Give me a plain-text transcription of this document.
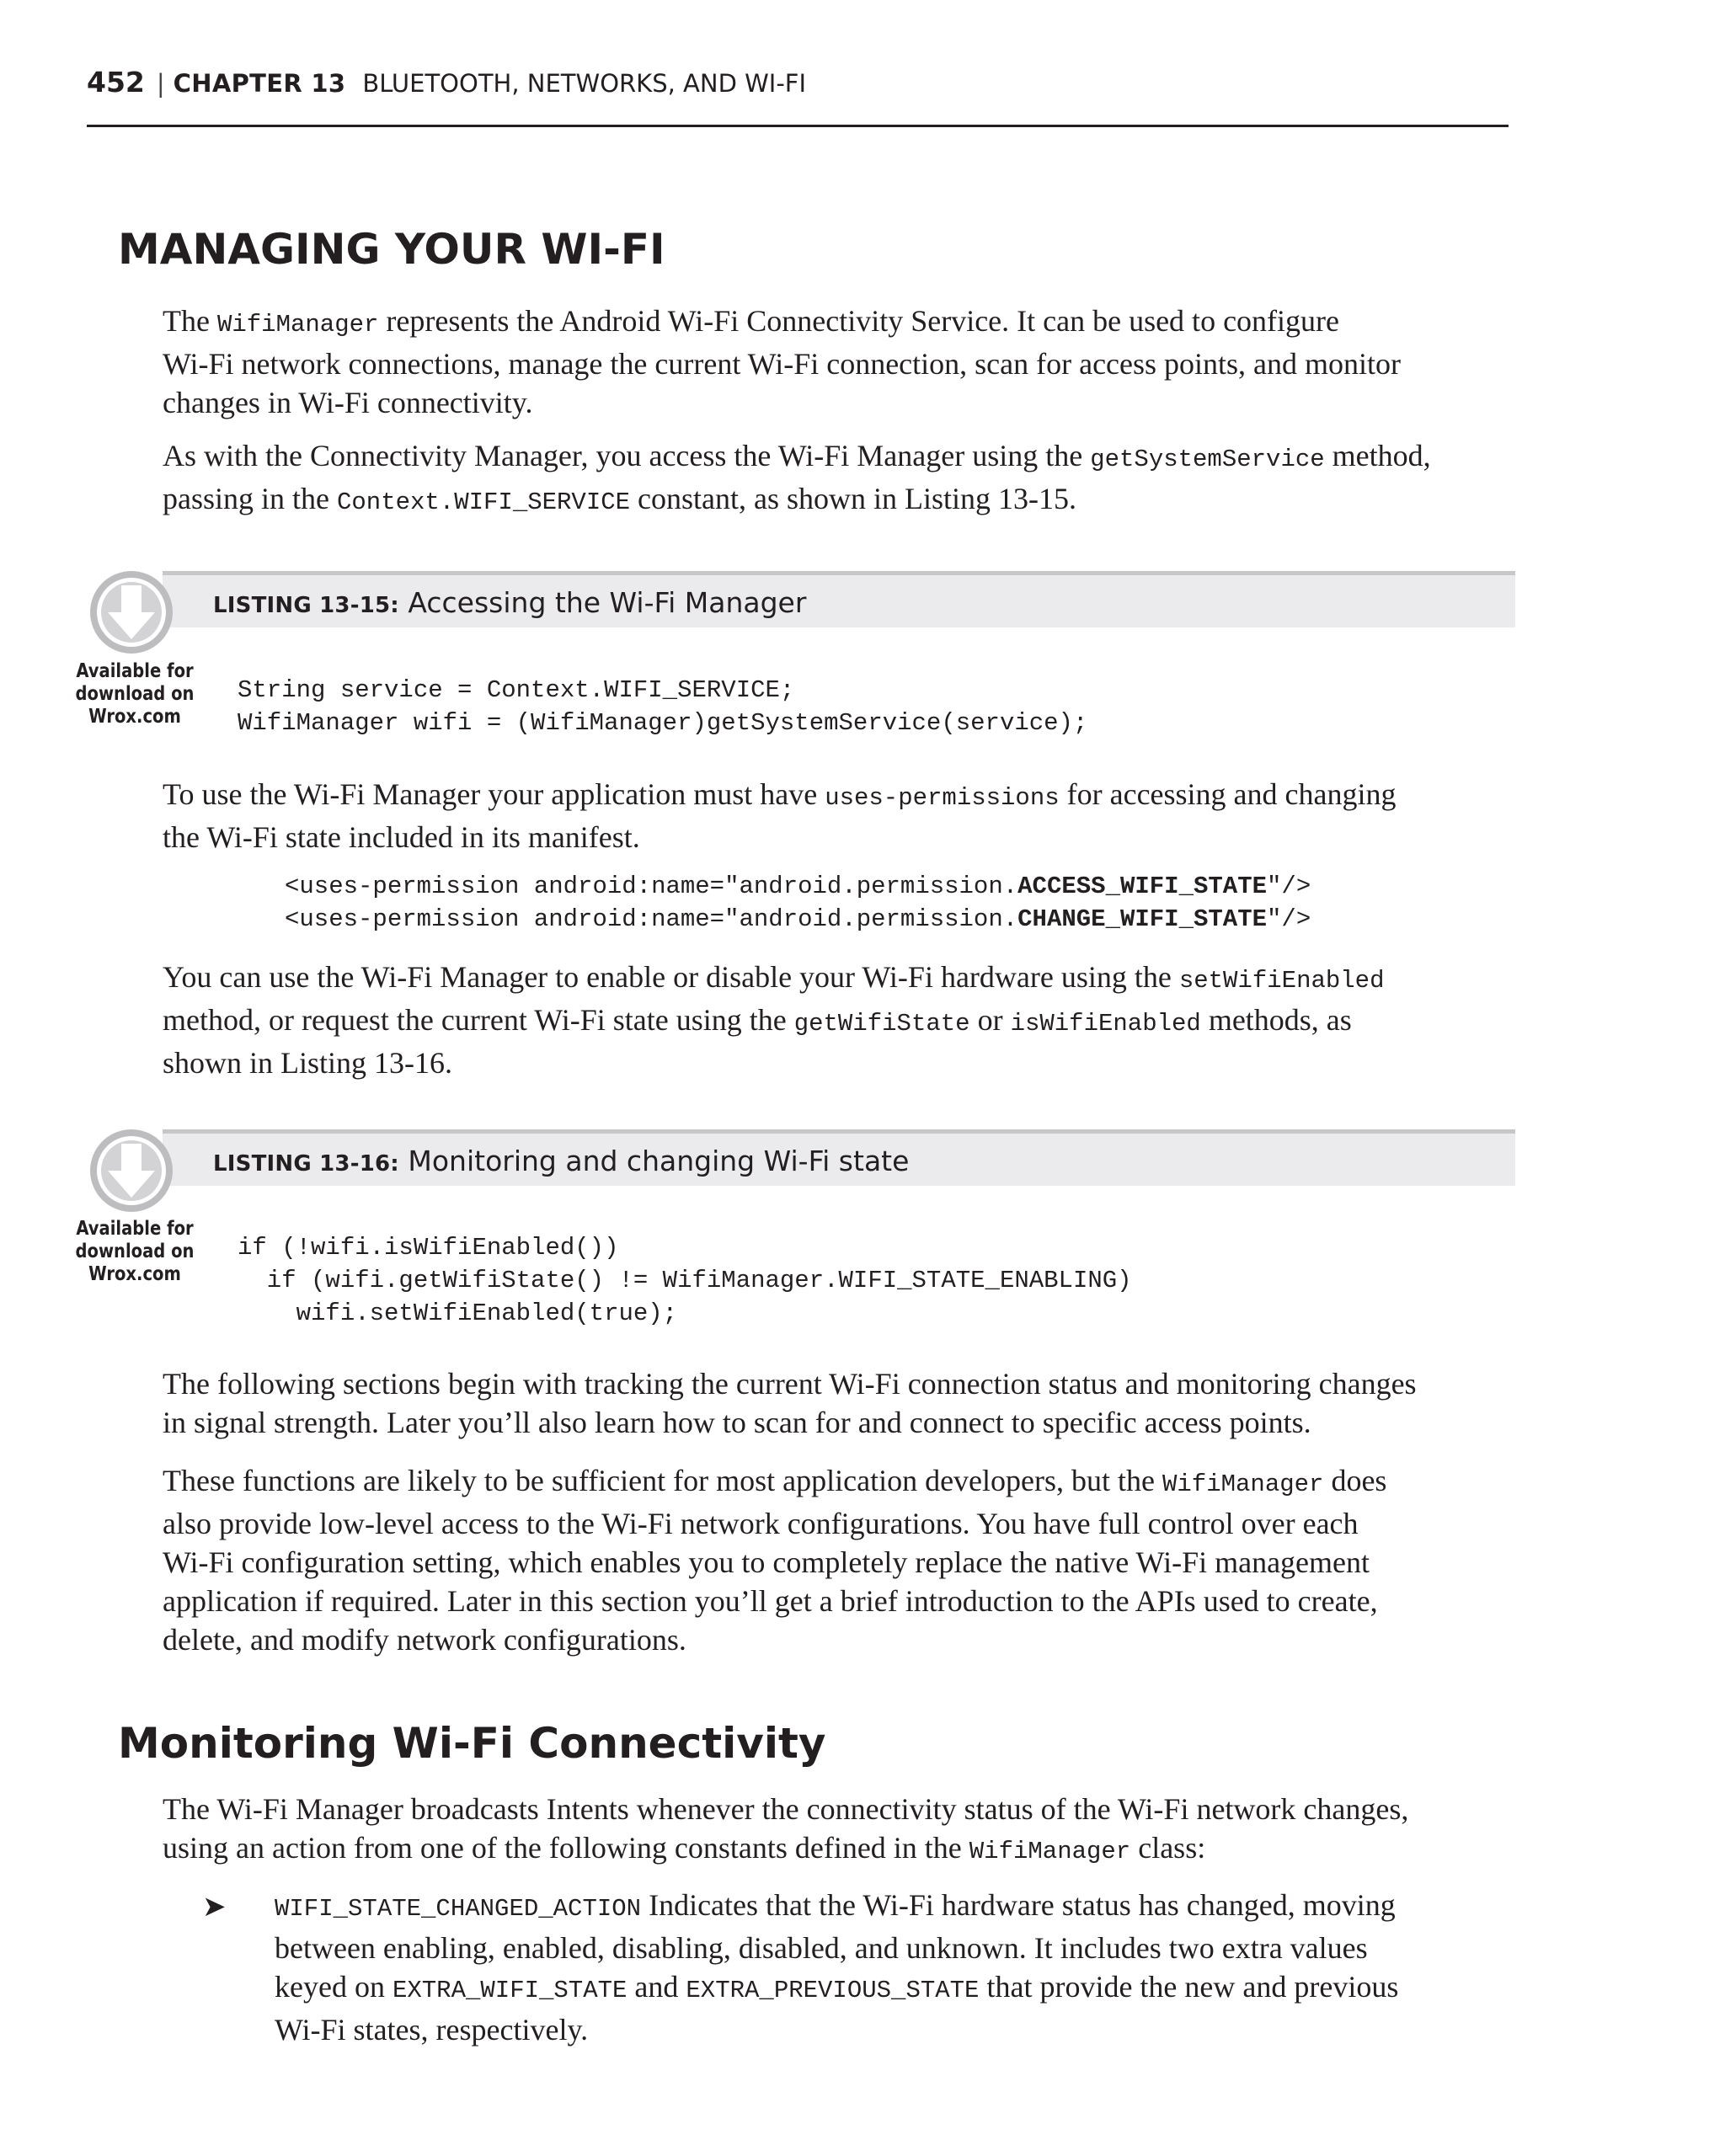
452 | CHAPTER 13 BLUETOOTH, NETWORKS, AND WI-FI
MANAGING YOUR WI-FI

The WifiManager represents the Android Wi-Fi Connectivity Service. It can be used to configure
Wi-Fi network connections, manage the current Wi-Fi connection, scan for access points, and monitor
changes in Wi-Fi connectivity.

As with the Connectivity Manager, you access the Wi-Fi Manager using the getSystemService method,
passing in the Context.WIFI_SERVICE constant, as shown in Listing 13-15.

LISTING 13-15: Accessing the Wi-Fi Manager
Available for
download on
Wrox.com
String service = Context.WIFI_SERVICE;
WifiManager wifi = (WifiManager)getSystemService(service);

To use the Wi-Fi Manager your application must have uses-permissions for accessing and changing
the Wi-Fi state included in its manifest.

<uses-permission android:name="android.permission.ACCESS_WIFI_STATE"/>
<uses-permission android:name="android.permission.CHANGE_WIFI_STATE"/>

You can use the Wi-Fi Manager to enable or disable your Wi-Fi hardware using the setWifiEnabled
method, or request the current Wi-Fi state using the getWifiState or isWifiEnabled methods, as
shown in Listing 13-16.

LISTING 13-16: Monitoring and changing Wi-Fi state
Available for
download on
Wrox.com
if (!wifi.isWifiEnabled())
if (wifi.getWifiState() != WifiManager.WIFI_STATE_ENABLING)
wifi.setWifiEnabled(true);

The following sections begin with tracking the current Wi-Fi connection status and monitoring changes
in signal strength. Later you’ll also learn how to scan for and connect to specific access points.

These functions are likely to be sufficient for most application developers, but the WifiManager does
also provide low-level access to the Wi-Fi network configurations. You have full control over each
Wi-Fi configuration setting, which enables you to completely replace the native Wi-Fi management
application if required. Later in this section you’ll get a brief introduction to the APIs used to create,
delete, and modify network configurations.

Monitoring Wi-Fi Connectivity

The Wi-Fi Manager broadcasts Intents whenever the connectivity status of the Wi-Fi network changes,
using an action from one of the following constants defined in the WifiManager class:

➤ WIFI_STATE_CHANGED_ACTION Indicates that the Wi-Fi hardware status has changed, moving
between enabling, enabled, disabling, disabled, and unknown. It includes two extra values
keyed on EXTRA_WIFI_STATE and EXTRA_PREVIOUS_STATE that provide the new and previous
Wi-Fi states, respectively.
